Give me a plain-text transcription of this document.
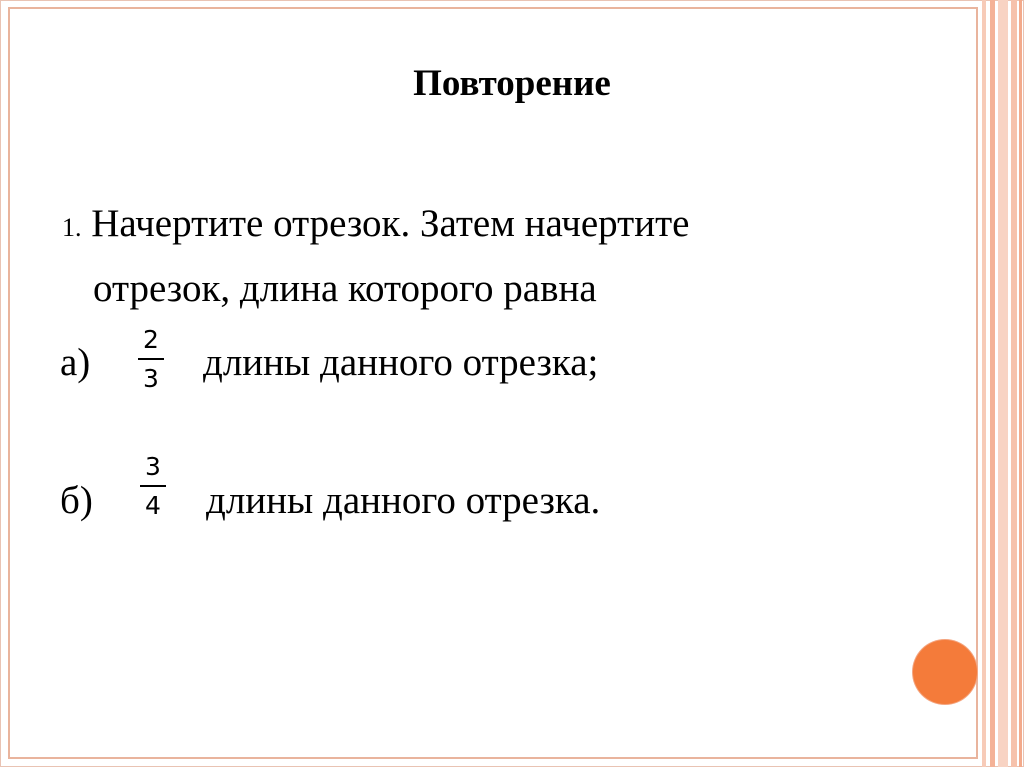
Повторение
1. Начертите отрезок. Затем начертите
отрезок, длина которого равна
а)
2
3 длины данного отрезка;
б)
3
4 длины данного отрезка.
